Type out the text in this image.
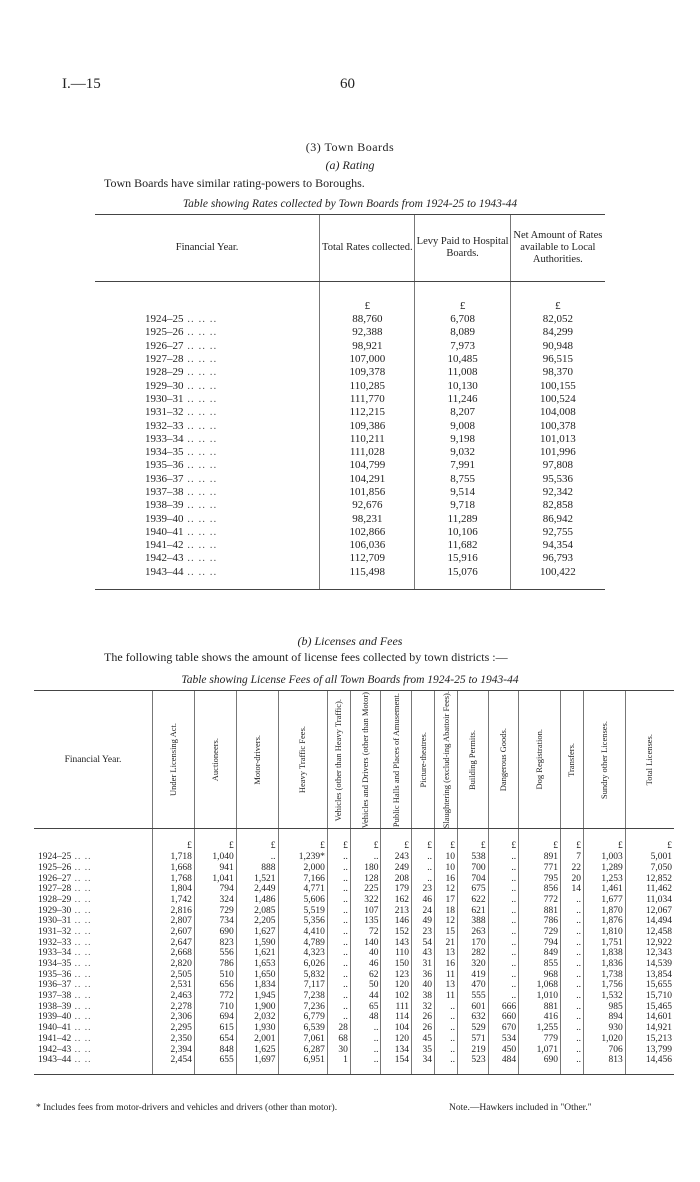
I.—15	60
(3) Town Boards
(a) Rating
Town Boards have similar rating-powers to Boroughs.
Table showing Rates collected by Town Boards from 1924-25 to 1943-44
Financial Year.	Total Rates collected.	Levy Paid to Hospital Boards.	Net Amount of Rates available to Local Authorities.
	£	£	£
1924–25 .. .. ..	88,760	6,708	82,052
1925–26 .. .. ..	92,388	8,089	84,299
1926–27 .. .. ..	98,921	7,973	90,948
1927–28 .. .. ..	107,000	10,485	96,515
1928–29 .. .. ..	109,378	11,008	98,370
1929–30 .. .. ..	110,285	10,130	100,155
1930–31 .. .. ..	111,770	11,246	100,524
1931–32 .. .. ..	112,215	8,207	104,008
1932–33 .. .. ..	109,386	9,008	100,378
1933–34 .. .. ..	110,211	9,198	101,013
1934–35 .. .. ..	111,028	9,032	101,996
1935–36 .. .. ..	104,799	7,991	97,808
1936–37 .. .. ..	104,291	8,755	95,536
1937–38 .. .. ..	101,856	9,514	92,342
1938–39 .. .. ..	92,676	9,718	82,858
1939–40 .. .. ..	98,231	11,289	86,942
1940–41 .. .. ..	102,866	10,106	92,755
1941–42 .. .. ..	106,036	11,682	94,354
1942–43 .. .. ..	112,709	15,916	96,793
1943–44 .. .. ..	115,498	15,076	100,422
(b) Licenses and Fees
The following table shows the amount of license fees collected by town districts :—
Table showing License Fees of all Town Boards from 1924-25 to 1943-44
Financial Year.	Under Licensing Act.	Auctioneers.	Motor-drivers.	Heavy Traffic Fees.	Vehicles (other than Heavy Traffic).	Vehicles and Drivers (other than Motor)	Public Halls and Places of Amusement.	Picture-theatres.	Slaughtering (exclud-ing Abattoir Fees).	Building Permits.	Dangerous Goods.	Dog Registration.	Transfers.	Sundry other Licenses.	Total Licenses.

	£	£	£	£	£	£	£	£	£	£	£	£	£	£	£
1924–25 .. ..	1,718	1,040	..	1,239*	..	..	243	..	10	538	..	891	7	1,003	5,001
1925–26 .. ..	1,668	941	888	2,000	..	180	249	..	10	700	..	771	22	1,289	7,050
1926–27 .. ..	1,768	1,041	1,521	7,166	..	128	208	..	16	704	..	795	20	1,253	12,852
1927–28 .. ..	1,804	794	2,449	4,771	..	225	179	23	12	675	..	856	14	1,461	11,462
1928–29 .. ..	1,742	324	1,486	5,606	..	322	162	46	17	622	..	772	..	1,677	11,034
1929–30 .. ..	2,816	729	2,085	5,519	..	107	213	24	18	621	..	881	..	1,870	12,067
1930–31 .. ..	2,807	734	2,205	5,356	..	135	146	49	12	388	..	786	..	1,876	14,494
1931–32 .. ..	2,607	690	1,627	4,410	..	72	152	23	15	263	..	729	..	1,810	12,458
1932–33 .. ..	2,647	823	1,590	4,789	..	140	143	54	21	170	..	794	..	1,751	12,922
1933–34 .. ..	2,668	556	1,621	4,323	..	40	110	43	13	282	..	849	..	1,838	12,343
1934–35 .. ..	2,820	786	1,653	6,026	..	46	150	31	16	320	..	855	..	1,836	14,539
1935–36 .. ..	2,505	510	1,650	5,832	..	62	123	36	11	419	..	968	..	1,738	13,854
1936–37 .. ..	2,531	656	1,834	7,117	..	50	120	40	13	470	..	1,068	..	1,756	15,655
1937–38 .. ..	2,463	772	1,945	7,238	..	44	102	38	11	555	..	1,010	..	1,532	15,710
1938–39 .. ..	2,278	710	1,900	7,236	..	65	111	32	..	601	666	881	..	985	15,465
1939–40 .. ..	2,306	694	2,032	6,779	..	48	114	26	..	632	660	416	..	894	14,601
1940–41 .. ..	2,295	615	1,930	6,539	28	..	104	26	..	529	670	1,255	..	930	14,921
1941–42 .. ..	2,350	654	2,001	7,061	68	..	120	45	..	571	534	779	..	1,020	15,213
1942–43 .. ..	2,394	848	1,625	6,287	30	..	134	35	..	219	450	1,071	..	706	13,799
1943–44 .. ..	2,454	655	1,697	6,951	1	..	154	34	..	523	484	690	..	813	14,456
* Includes fees from motor-drivers and vehicles and drivers (other than motor).	Note.—Hawkers included in "Other."
